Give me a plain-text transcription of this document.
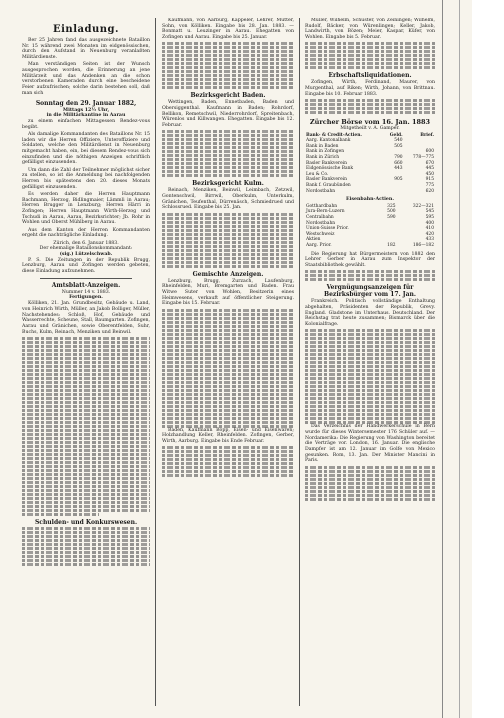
Einladung.
Ber 25 Jahren fand das ausgezeichnete Bataillon Nr. 15 während zwei Monaten im eidgenössischen, durch den Aufstand in Neuenburg veranlaßten Militärdienste.
Man verständigen Seiten ist der Wunsch ausgesprochen worden, die Erinnerung an jene Militärzeit und das Andenken an die schon verstorbenen Kameraden durch eine bescheidene Feier aufzufrischen; solche darin bestehen soll, daß man sich
Sonntag den 29. Januar 1882,
Mittags 12½ Uhr,
in die Militärkantine in Aarau
zu einem einfachen Mittagessen Rendez-vous begibt.
Als damalige Kommandanten des Bataillons Nr. 15 laden wir die Herren Offiziere, Unteroffiziere und Soldaten, welche den Militärdienst in Neuenburg mitgemacht haben, ein, bei diesem Rendez-vous sich einzufinden und die nöthigen Anzeigen schriftlich gefälligst einzusenden.
Um dann die Zahl der Teilnehmer möglichst sicher zu stellen, so ist die Anmeldung bei nachfolgenden Herren bis spätestens den 20. dieses Monats gefälligst einzusenden.
Es werden daher die Herren Hauptmann Bachmann, Herzog, Bidlingmaier, Lämmli in Aarau; Herren Brugger in Lenzburg; Herren Härri in Zofingen; Herren Hauptmann Wirth-Herzog und Tschudi in Aarau, Aarau, Bezirksrichter; Jb. Rohr in Wohlen und Oberst Mühlberg in Aarau.
Aus dem Kanton der Herren Kommandanten ergeht die nachträgliche Einladung.
Zürich, den 6. Januar 1883.
Der ehemalige Bataillonskommandant:
(sig.) Lützelschwab.
P. S. Die Zeitungen in der Republik Brugg, Lenzburg, Aarau und Zofingen werden gebeten, diese Einladung aufzunehmen.
Amtsblatt-Anzeigen.
Nummer 14 v. 1883.
Fertigungen.
Kölliken, 21. Jan. Grundbesitz, Gebäude u. Land, von Heinrich Wirth, Müller, an Jakob Bolliger, Müller, Nachstehendes: Schloß, Hof, Gebäude und Wasserrechte, Scheune, Stall, Baumgarten. Zofingen, Aarau und Gränichen, sowie Oberentfelden, Suhr, Buchs, Kulm, Reinach, Menziken und Beinwil.
Schulden- und Konkurswesen.
Kaufmann, von Aarburg, Kappeler, Lehrer, Mutter, Sohn, von Kölliken. Eingabe bis 28. Jan. 1883. — Bonmatt u. Leuzinger in Aarau. Ehegatten von Zofingen und Aarau. Eingabe bis 25. Januar.
Bezirksgericht Baden.
Wettingen, Baden, Ennetbaden, Baden und Obersiggenthal. Kaufmann in Baden; Rohrdorf, Bellikon, Remetschwil, Niederrohrdorf, Spreitenbach, Würenlos und Killwangen. Ehegatten. Eingabe bis 12. Februar.
Bezirksgericht Kulm.
Reinach, Menziken, Beinwil, Leimbach, Zetzwil, Gontenschwil, Birrwil, Oberkulm, Unterkulm, Gränichen, Teufenthal, Dürrenäsch, Schmiedrued und Schlossrued. Eingabe bis 25. Jan.
Gemischte Anzeigen.
Lenzburg, Brugg, Zurzach, Laufenburg, Rheinfelden, Muri, Bremgarten und Baden. Frau Witwe Suter von Wohlen, Besitzerin eines Heimwesens, verkauft auf öffentlicher Steigerung. Eingabe bis 15. Februar.
Baden, Kaufmann Bopp, Eisen- und Eisenwaren; Holzhandlung Keller, Rheinfelden. Zofingen, Gerber, Wirth, Aarburg. Eingabe bis Ende Februar.
Müller, Wilhelm, Schuster, von Zeiningen; Wilhelm, Rudolf, Bäcker, von Würenlingen; Keller, Jakob, Landwirth, von Bözen; Meier, Kaspar, Küfer, von Wohlen. Eingabe bis 5. Februar.
Erbschaftsliquidationen.
Zofingen, Wirth, Ferdinand, Maurer, von Murgenthal, auf Riken; Wirth, Johann, von Brittnau. Eingabe bis 10. Februar 1883.
Zürcher Börse vom 16. Jan. 1883
Mitgetheilt v. A. Gamper.
Bank- & Credit-Actien.	Geld.	Brief.
Aarg. Kantonalbank	540	
Bank in Baden	505	
Bank in Zofingen		600
Bank in Zürich	790	778—775
Basler Bankverein	660	670
Eidgenössische Bank	443	445
Leu & Co.		450
Basler Bankverein	905	915
Bank f. Graubünden		775
Nordostbahn		620
Eisenbahn-Actien.
Gotthardbahn	325	322—321
Jura-Bern-Luzern	500	545
Centralbahn	590	595
Nordostbahn		400
Union-Suisse Prior.		410
Westschweiz		420
Aktien		433
Aarg. Prior.	182	186—182
Die Regierung hat Bürgermeistern von 1882 den Lehrer Gerber in Aarau zum Inspektor der Staatsbibliothek gewählt.
Vergnügungsanzeigen für Bezirksbürger vom 17. Jan.
Frankreich. Politisch vollständige Enthaltung abgehalten, Präsidenten der Republik, Grevy. England. Gladstone im Unterhaus. Deutschland. Der Reichstag trat heute zusammen; Bismarck über die Kolonialfrage.
Das Verzeichnis der Handwerkerschule in Bern wurde für dieses Wintersemester 176 Schüler auf. — Nordamerika: Die Regierung von Washington bereitet die Verträge vor. London, 16. Januar. Die englische Dampfer ist am 12. Januar im Golfe von Mexico gesunken. Rom, 13. Jan. Der Minister Mancini in Paris.
